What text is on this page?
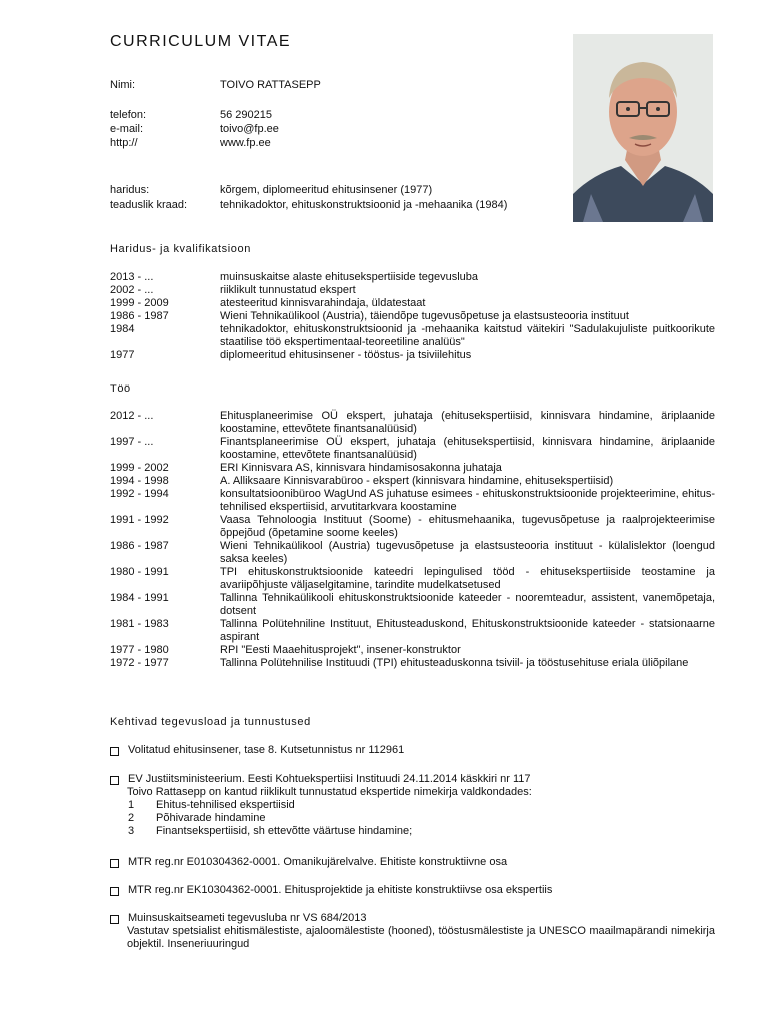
CURRICULUM VITAE
Nimi:	TOIVO RATTASEPP
telefon:	56 290215
e-mail:	toivo@fp.ee
http://	www.fp.ee
haridus:	kõrgem, diplomeeritud ehitusinsener (1977)
teaduslik kraad:	tehnikadoktor, ehituskonstruktsioonid ja -mehaanika (1984)
Haridus- ja kvalifikatsioon
2013 - ...	muinsuskaitse alaste ehitusekspertiiside tegevusluba
2002 - ...	riiklikult tunnustatud ekspert
1999 - 2009	atesteeritud kinnisvarahindaja, üldatestaat
1986 - 1987	Wieni Tehnikaülikool (Austria), täiendõpe tugevusõpetuse ja elastsusteooria instituut
1984	tehnikadoktor, ehituskonstruktsioonid ja -mehaanika kaitstud väitekiri "Sadulakujuliste puitkoorikute staatilise töö ekspertimentaal-teoreetiline analüüs"
1977	diplomeeritud ehitusinsener - tööstus- ja tsiviilehitus
Töö
2012 - ...	Ehitusplaneerimise OÜ ekspert, juhataja (ehitusekspertiisid, kinnisvara hindamine, äriplaanide koostamine, ettevõtete finantsanalüüsid)
1997 - ...	Finantsplaneerimise OÜ ekspert, juhataja (ehitusekspertiisid, kinnisvara hindamine, äriplaanide koostamine, ettevõtete finantsanalüüsid)
1999 - 2002	ERI Kinnisvara AS, kinnisvara hindamisosakonna juhataja
1994 - 1998	A. Alliksaare Kinnisvarabüroo - ekspert (kinnisvara hindamine, ehitusekspertiisid)
1992 - 1994	konsultatsioonibüroo WagUnd AS juhatuse esimees - ehituskonstruktsioonide projekteerimine, ehitus-tehnilised ekspertiisid, arvutitarkvara koostamine
1991 - 1992	Vaasa Tehnoloogia Instituut (Soome) - ehitusmehaanika, tugevusõpetuse ja raalprojekteerimise õppejõud (õpetamine soome keeles)
1986 - 1987	Wieni Tehnikaülikool (Austria) tugevusõpetuse ja elastsusteooria instituut - külalislektor (loengud saksa keeles)
1980 - 1991	TPI ehituskonstruktsioonide kateedri lepingulised tööd - ehitusekspertiiside teostamine ja avariipõhjuste väljaselgitamine, tarindite mudelkatsetused
1984 - 1991	Tallinna Tehnikaülikooli ehituskonstruktsioonide kateeder - nooremteadur, assistent, vanemõpetaja, dotsent
1981 - 1983	Tallinna Polütehniline Instituut, Ehitusteaduskond, Ehituskonstruktsioonide kateeder - statsionaarne aspirant
1977 - 1980	RPI "Eesti Maaehitusprojekt", insener-konstruktor
1972 - 1977	Tallinna Polütehnilise Instituudi (TPI) ehitusteaduskonna tsiviil- ja tööstusehituse eriala üliõpilane
Kehtivad tegevusload ja tunnustused
Volitatud ehitusinsener, tase 8. Kutsetunnistus nr 112961
EV Justiitsministeerium. Eesti Kohtuekspertiisi Instituudi 24.11.2014 käskkiri nr 117
Toivo Rattasepp on kantud riiklikult tunnustatud ekspertide nimekirja valdkondades:
1	Ehitus-tehnilised ekspertiisid
2	Põhivarade hindamine
3	Finantsekspertiisid, sh ettevõtte väärtuse hindamine;
MTR reg.nr E010304362-0001. Omanikujärelvalve. Ehitiste konstruktiivne osa
MTR reg.nr EK10304362-0001. Ehitusprojektide ja ehitiste konstruktiivse osa ekspertiis
Muinsuskaitseameti tegevusluba nr VS 684/2013
Vastutav spetsialist ehitismälestiste, ajaloomälestiste (hooned), tööstusmälestiste ja UNESCO maailmapärandi nimekirja objektil. Inseneriuuringud
